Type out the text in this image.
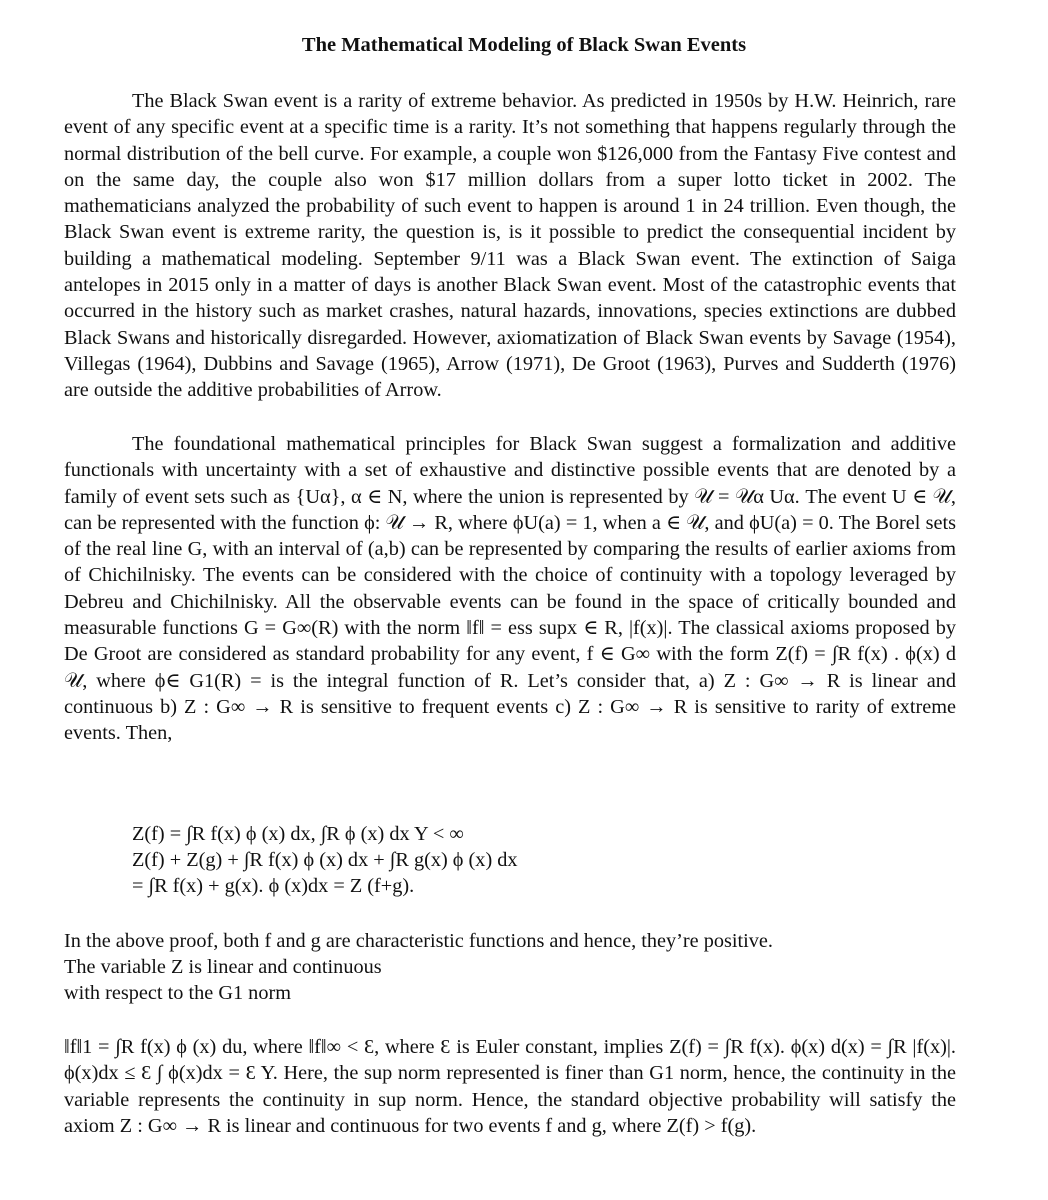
The Mathematical Modeling of Black Swan Events

The Black Swan event is a rarity of extreme behavior. As predicted in 1950s by H.W. Heinrich, rare event of any specific event at a specific time is a rarity. It’s not something that happens regularly through the normal distribution of the bell curve. For example, a couple won $126,000 from the Fantasy Five contest and on the same day, the couple also won $17 million dollars from a super lotto ticket in 2002. The mathematicians analyzed the probability of such event to happen is around 1 in 24 trillion. Even though, the Black Swan event is extreme rarity, the question is, is it possible to predict the consequential incident by building a mathematical modeling. September 9/11 was a Black Swan event. The extinction of Saiga antelopes in 2015 only in a matter of days is another Black Swan event. Most of the catastrophic events that occurred in the history such as market crashes, natural hazards, innovations, species extinctions are dubbed Black Swans and historically disregarded. However, axiomatization of Black Swan events by Savage (1954), Villegas (1964), Dubbins and Savage (1965), Arrow (1971), De Groot (1963), Purves and Sudderth (1976) are outside the additive probabilities of Arrow.

The foundational mathematical principles for Black Swan suggest a formalization and additive functionals with uncertainty with a set of exhaustive and distinctive possible events that are denoted by a family of event sets such as {Uα}, α ∈ N, where the union is represented by 𝒰 = 𝒰α Uα. The event U ∈ 𝒰, can be represented with the function ϕ: 𝒰 → R, where ϕU(a) = 1, when a ∈ 𝒰, and ϕU(a) = 0. The Borel sets of the real line G, with an interval of (a,b) can be represented by comparing the results of earlier axioms from of Chichilnisky. The events can be considered with the choice of continuity with a topology leveraged by Debreu and Chichilnisky. All the observable events can be found in the space of critically bounded and measurable functions G = G∞(R) with the norm ‖f‖ = ess supx ∈ R, |f(x)|. The classical axioms proposed by De Groot are considered as standard probability for any event, f ∈ G∞ with the form Z(f) = ∫R f(x) . ϕ(x) d 𝒰, where ϕ∈ G1(R) = is the integral function of R. Let’s consider that, a) Z : G∞ → R is linear and continuous b) Z : G∞ → R is sensitive to frequent events c) Z : G∞ → R is sensitive to rarity of extreme events. Then,

Z(f) = ∫R f(x) ϕ (x) dx, ∫R ϕ (x) dx Y < ∞

Z(f) + Z(g) + ∫R f(x) ϕ (x) dx + ∫R g(x) ϕ (x) dx

= ∫R f(x) + g(x). ϕ (x)dx = Z (f+g).

In the above proof, both f and g are characteristic functions and hence, they’re positive.

The variable Z is linear and continuous

with respect to the G1 norm

‖f‖1 = ∫R f(x) ϕ (x) du, where ‖f‖∞ < Ɛ, where Ɛ is Euler constant, implies Z(f) = ∫R f(x). ϕ(x) d(x) = ∫R |f(x)|. ϕ(x)dx ≤ Ɛ ∫ ϕ(x)dx = Ɛ Y. Here, the sup norm represented is finer than G1 norm, hence, the continuity in the variable represents the continuity in sup norm. Hence, the standard objective probability will satisfy the axiom Z : G∞ → R is linear and continuous for two events f and g, where Z(f) > f(g).
